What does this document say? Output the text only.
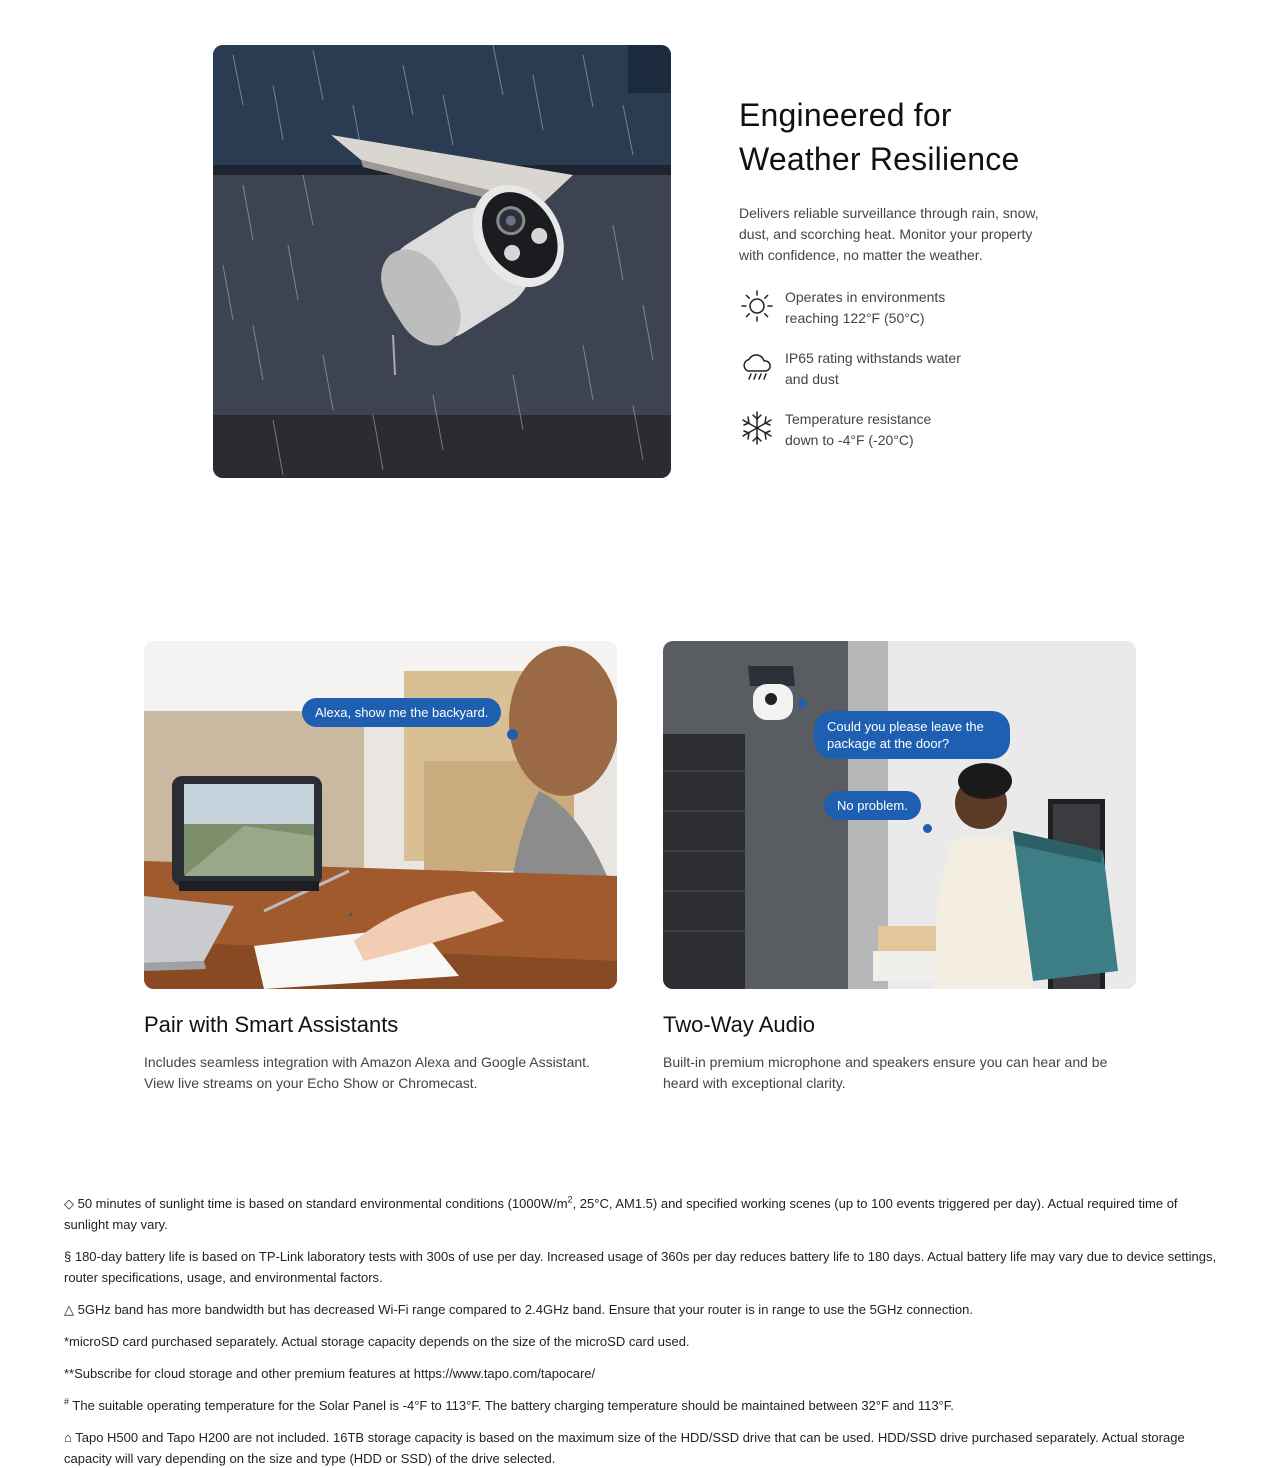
Engineered for
Weather Resilience

Delivers reliable surveillance through rain, snow, dust, and scorching heat. Monitor your property with confidence, no matter the weather.

Operates in environments reaching 122°F (50°C)

IP65 rating withstands water and dust

Temperature resistance down to -4°F (-20°C)

Alexa, show me the backyard.
Pair with Smart Assistants

Includes seamless integration with Amazon Alexa and Google Assistant. View live streams on your Echo Show or Chromecast.

Could you please leave the package at the door?
No problem.
Two-Way Audio

Built-in premium microphone and speakers ensure you can hear and be heard with exceptional clarity.

◇ 50 minutes of sunlight time is based on standard environmental conditions ($1000W/m^2$, 25°C, AM1.5) and specified working scenes (up to 100 events triggered per day). Actual required time of sunlight may vary.

§ 180-day battery life is based on TP-Link laboratory tests with 300s of use per day. Increased usage of 360s per day reduces battery life to 180 days. Actual battery life may vary due to device settings, router specifications, usage, and environmental factors.

△ 5GHz band has more bandwidth but has decreased Wi-Fi range compared to 2.4GHz band. Ensure that your router is in range to use the 5GHz connection.

*microSD card purchased separately. Actual storage capacity depends on the size of the microSD card used.

**Subscribe for cloud storage and other premium features at https://www.tapo.com/tapocare/

# The suitable operating temperature for the Solar Panel is -4°F to 113°F. The battery charging temperature should be maintained between 32°F and 113°F.

⌂ Tapo H500 and Tapo H200 are not included. 16TB storage capacity is based on the maximum size of the HDD/SSD drive that can be used. HDD/SSD drive purchased separately. Actual storage capacity will vary depending on the size and type (HDD or SSD) of the drive selected.
